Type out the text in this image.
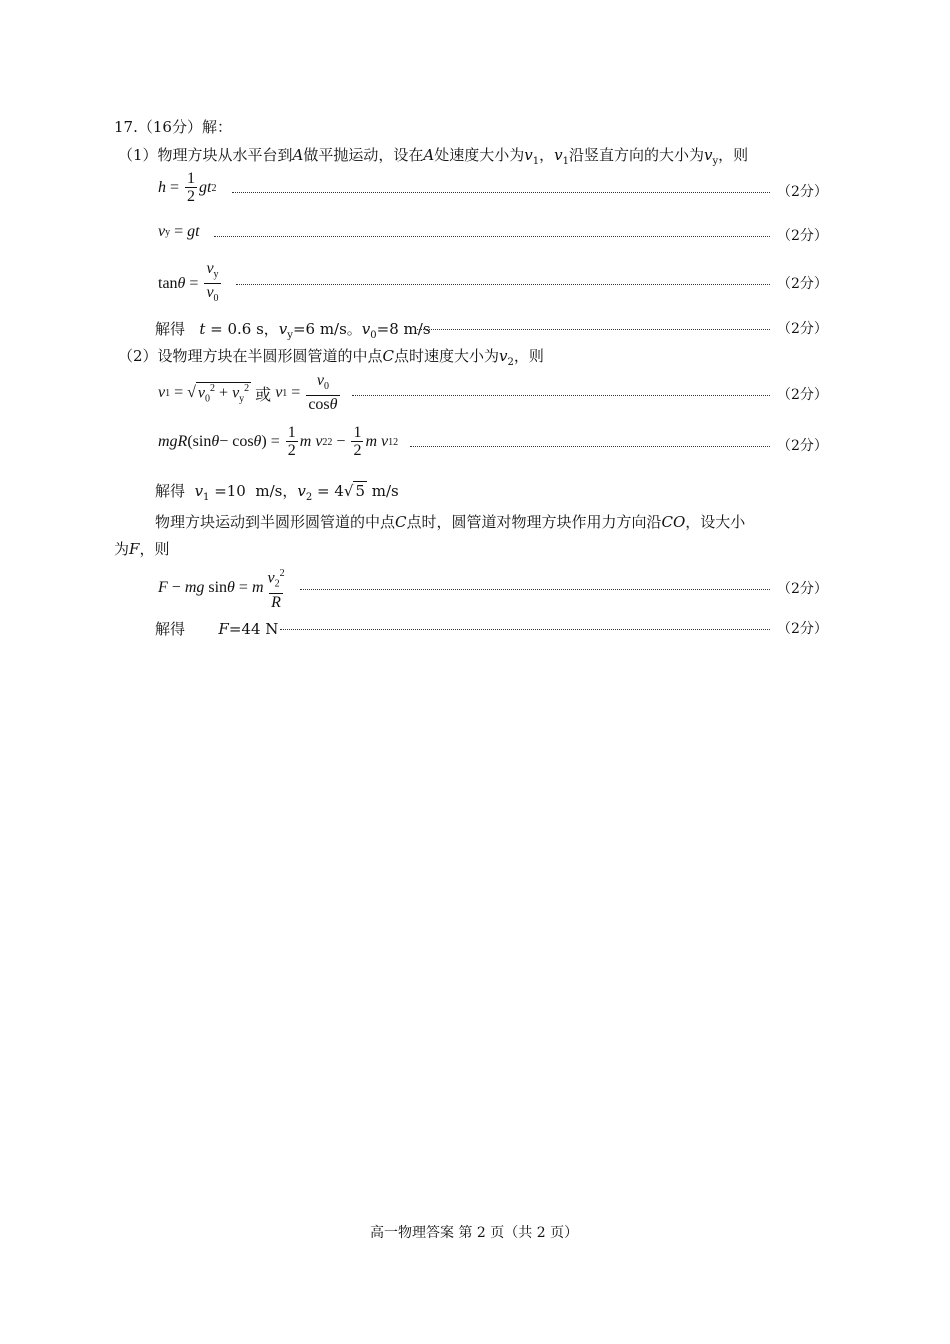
17.（16分）解：
（1）物理方块从水平台到A做平抛运动，设在A处速度大小为$v_1$，$v_1$沿竖直方向的大小为$v_y$，则
$h = \frac{1}{2}$ gt 2	（2分）
v y = gt	（2分）
$\tan \theta = \frac{v_y}{v_0}$	（2分）
解得 t = 0.6 s，$v_y=6$ m/s。$v_0=8$ m/s	（2分）
（2）设物理方块在半圆形圆管道的中点C点时速度大小为$v_2$，则
v 1 = √ $v_0^2 + v_y^2$
或
v $1 = \frac{v_0}{\cos\theta}$	（2分）
mgR (sin θ − cos θ ) = $\frac{1}{2}$ m v 2 $2 - \frac{1}{2}$ m v 1 2	（2分）
解得 $v_1 =10$  m/s，$v_2 = 4√$ 5 m/s
物理方块运动到半圆形圆管道的中点C点时，圆管道对物理方块作用力方向沿CO，设大小
为F，则
F − mg sin θ = m $\frac{v_2^2}{R}$	（2分）
解得 F=44 N	（2分）
高一物理答案 第 2 页（共 2 页）
